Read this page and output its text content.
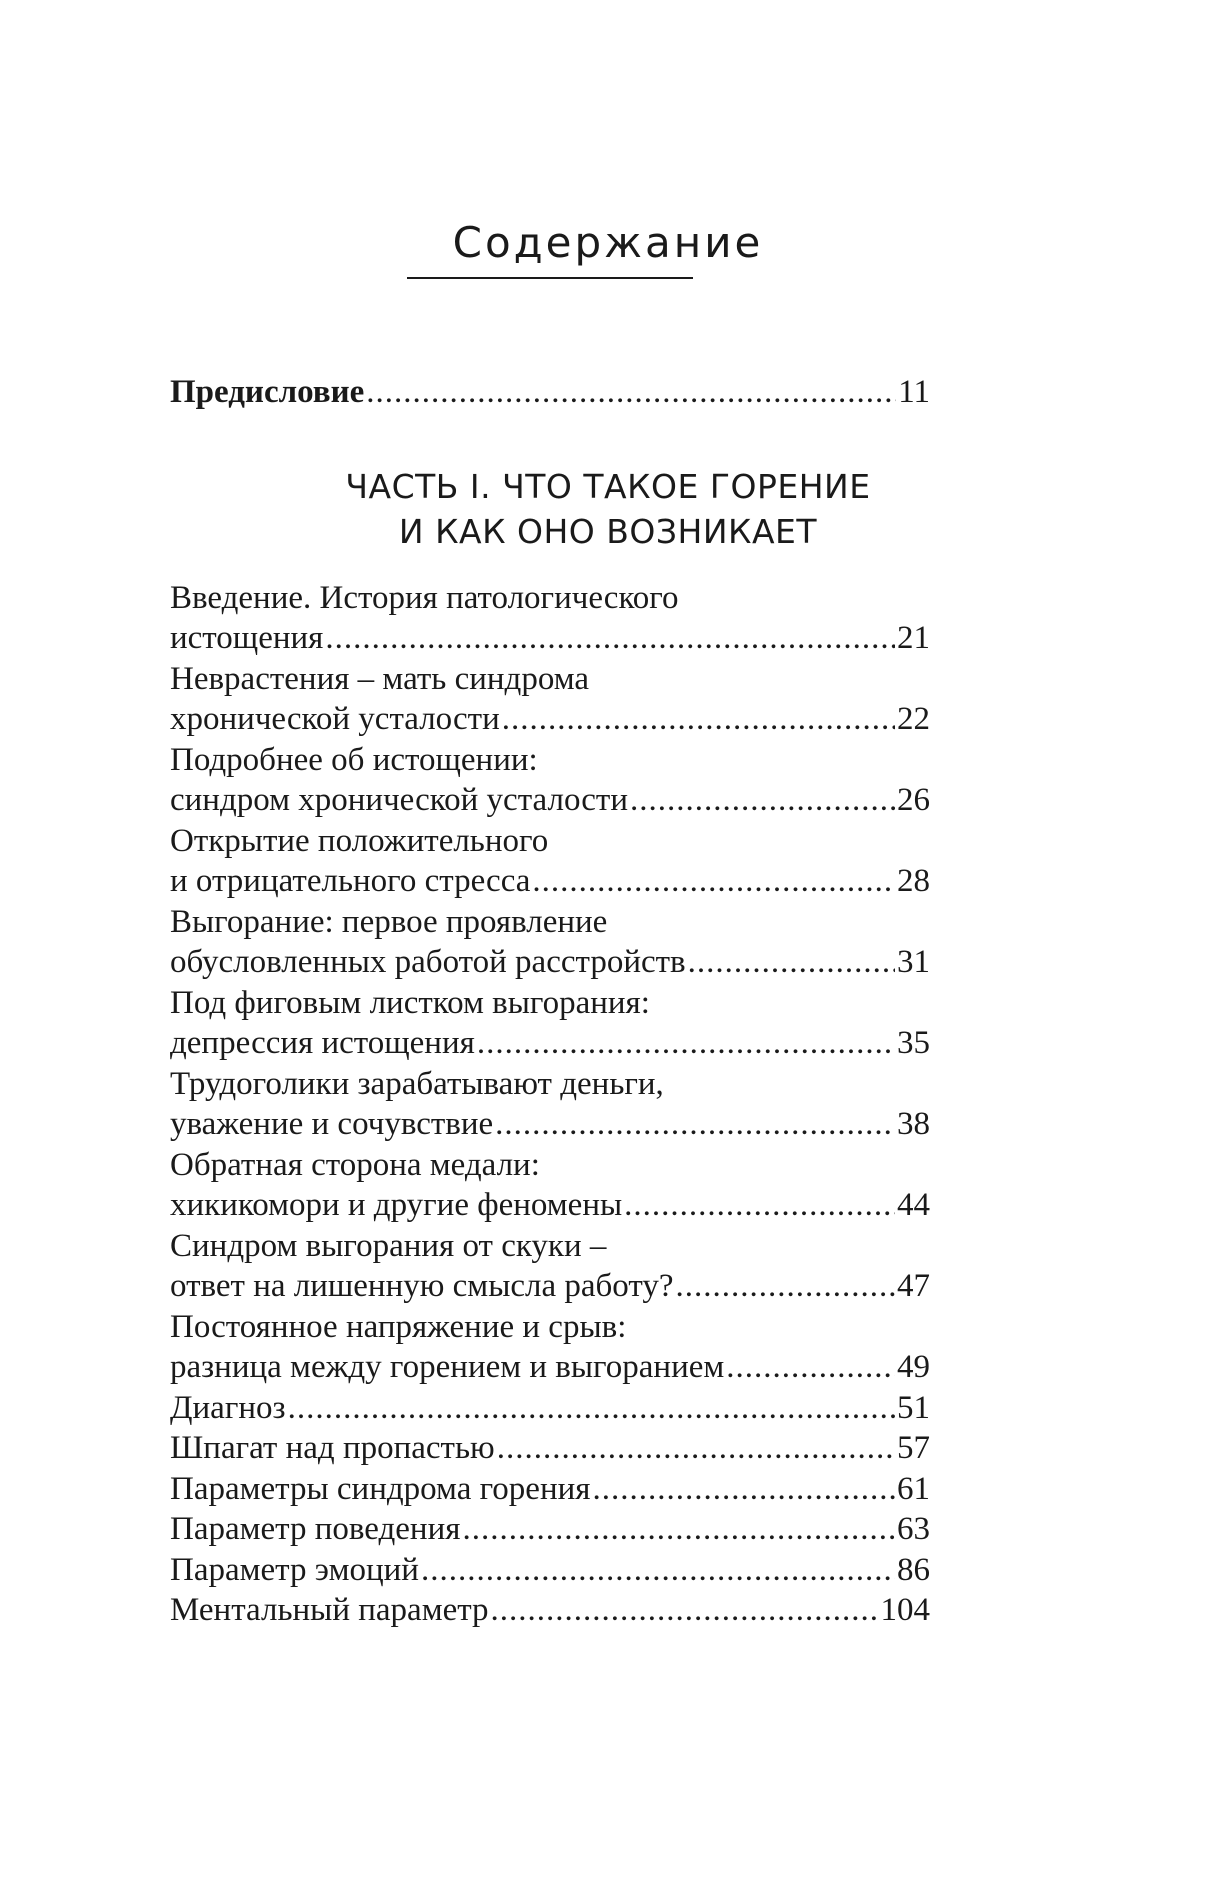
Содержание
Предисловие .....	11
ЧАСТЬ I. ЧТО ТАКОЕ ГОРЕНИЕ
И КАК ОНО ВОЗНИКАЕТ
Введение. История патологического
истощения .....	21
Неврастения – мать синдрома
хронической усталости .....	22
Подробнее об истощении:
синдром хронической усталости .....	26
Открытие положительного
и отрицательного стресса .....	28
Выгорание: первое проявление
обусловленных работой расстройств .....	31
Под фиговым листком выгорания:
депрессия истощения .....	35
Трудоголики зарабатывают деньги,
уважение и сочувствие .....	38
Обратная сторона медали:
хикикомори и другие феномены .....	44
Синдром выгорания от скуки –
ответ на лишенную смысла работу? .....	47
Постоянное напряжение и срыв:
разница между горением и выгоранием .....	49
Диагноз .....	51
Шпагат над пропастью .....	57
Параметры синдрома горения .....	61
Параметр поведения .....	63
Параметр эмоций .....	86
Ментальный параметр .....	104
